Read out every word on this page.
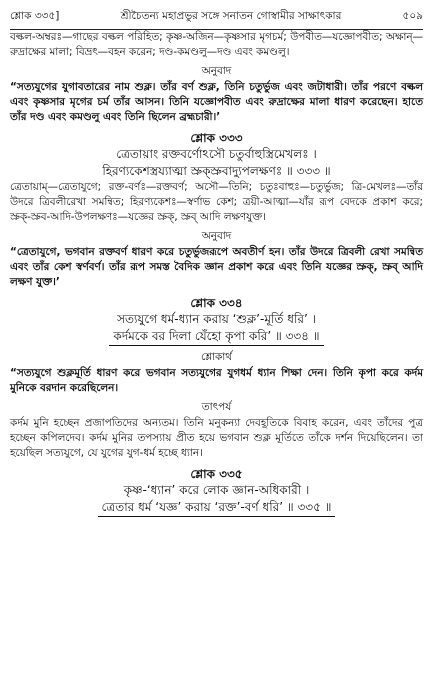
শ্লোক ৩৩৫]	শ্রীচৈতন্য মহাপ্রভুর সঙ্গে সনাতন গোস্বামীর সাক্ষাৎকার	৫০৯
বল্কল-অম্বরঃ—গাছের বল্কল পরিহিত; কৃষ্ণ-অজিন—কৃষ্ণসার মৃগচর্ম; উপবীত—যজ্ঞোপবীত; অক্ষান্—রুদ্রাক্ষের মালা; বিভ্রৎ—বহন করেন; দণ্ড-কমণ্ডলু—দণ্ড এবং কমণ্ডলু।
অনুবাদ
“সত্যযুগের যুগাবতারের নাম শুক্ল। তাঁর বর্ণ শুক্ল, তিনি চতুর্ভুজ এবং জটাধারী। তাঁর পরণে বল্কল এবং কৃষ্ণসার মৃগের চর্ম তাঁর আসন। তিনি যজ্ঞোপবীত এবং রুদ্রাক্ষের মালা ধারণ করেছেন। হাতে তাঁর দণ্ড এবং কমণ্ডলু এবং তিনি ছিলেন ব্রহ্মচারী।’
শ্লোক ৩৩৩
ত্রেতায়াং রক্তবর্ণোঽসৌ চতুর্বাহুস্ত্রিমেখলঃ ।
হিরণ্যকেশস্ত্রয্যাত্মা স্রুক্স্রুবাদ্যুপলক্ষণঃ ॥ ৩৩৩ ॥
ত্রেতায়াম্—ত্রেতাযুগে; রক্ত-বর্ণঃ—রক্তবর্ণ; অসৌ—তিনি; চতুঃবাহুঃ—চতুর্ভুজ; ত্রি-মেখলঃ—তাঁর উদরে ত্রিবলীরেখা সমন্বিত; হিরণ্যকেশঃ—স্বর্ণাভ কেশ; ত্রয়ী-আত্মা—যাঁর রূপ বেদকে প্রকাশ করে; স্রুক্-স্রুব-আদি-উপলক্ষণঃ—যজ্ঞের স্রুক্, স্রুব্ আদি লক্ষণযুক্ত।
অনুবাদ
“ত্রেতাযুগে, ভগবান রক্তবর্ণ ধারণ করে চতুর্ভুজরূপে অবতীর্ণ হন। তাঁর উদরে ত্রিবলী রেখা সমন্বিত এবং তাঁর কেশ স্বর্ণবর্ণ। তাঁর রূপ সমস্ত বৈদিক জ্ঞান প্রকাশ করে এবং তিনি যজ্ঞের স্রুক্, স্রুব্ আদি লক্ষণ যুক্ত।’
শ্লোক ৩৩৪
সত্যযুগে ধর্ম-ধ্যান করায় ‘শুক্ল’-মূর্তি ধরি’ ।
কর্দমকে বর দিলা যেঁহো কৃপা করি’ ॥ ৩৩৪ ॥
শ্লোকার্থ
“সত্যযুগে শুক্লমূর্তি ধারণ করে ভগবান সত্যযুগের যুগধর্ম ধ্যান শিক্ষা দেন। তিনি কৃপা করে কর্দম মুনিকে বরদান করেছিলেন।
তাৎপর্য
কর্দম মুনি হচ্ছেন প্রজাপতিদের অন্যতম। তিনি মনুকন্যা দেবহূতিকে বিবাহ করেন, এবং তাঁদের পুত্র হচ্ছেন কপিলদেব। কর্দম মুনির তপস্যায় প্রীত হয়ে ভগবান শুক্ল মূর্তিতে তাঁকে দর্শন দিয়েছিলেন। তা হয়েছিল সত্যযুগে, যে যুগের যুগ-ধর্ম হচ্ছে ধ্যান।
শ্লোক ৩৩৫
কৃষ্ণ-‘ধ্যান’ করে লোক জ্ঞান-অধিকারী ।
ত্রেতার ধর্ম ‘যজ্ঞ’ করায় ‘রক্ত’-বর্ণ ধরি’ ॥ ৩৩৫ ॥
